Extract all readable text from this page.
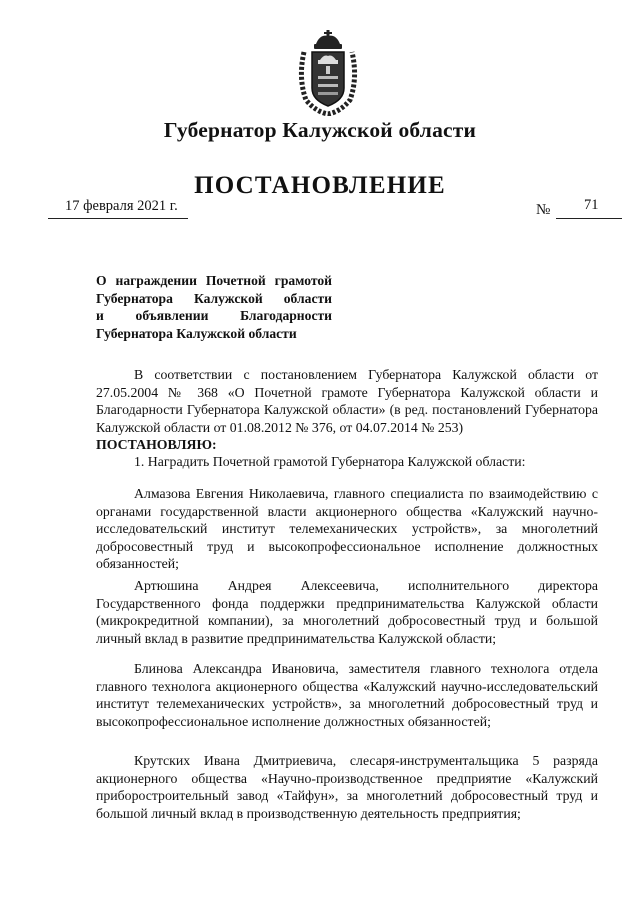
Губернатор Калужской области
ПОСТАНОВЛЕНИЕ
17 февраля 2021 г.	№ 71
О награждении Почетной грамотой
Губернатора Калужской области
и объявлении Благодарности
Губернатора Калужской области
В соответствии с постановлением Губернатора Калужской области от 27.05.2004 № 368 «О Почетной грамоте Губернатора Калужской области и Благодарности Губернатора Калужской области» (в ред. постановлений Губернатора Калужской области от 01.08.2012 № 376, от 04.07.2014 № 253)
ПОСТАНОВЛЯЮ:
1. Наградить Почетной грамотой Губернатора Калужской области:
Алмазова Евгения Николаевича, главного специалиста по взаимодействию с органами государственной власти акционерного общества «Калужский научно-исследовательский институт телемеханических устройств», за многолетний добросовестный труд и высокопрофессиональное исполнение должностных обязанностей;
Артюшина Андрея Алексеевича, исполнительного директора Государственного фонда поддержки предпринимательства Калужской области (микрокредитной компании), за многолетний добросовестный труд и большой личный вклад в развитие предпринимательства Калужской области;
Блинова Александра Ивановича, заместителя главного технолога отдела главного технолога акционерного общества «Калужский научно-исследовательский институт телемеханических устройств», за многолетний добросовестный труд и высокопрофессиональное исполнение должностных обязанностей;
Крутских Ивана Дмитриевича, слесаря-инструментальщика 5 разряда акционерного общества «Научно-производственное предприятие «Калужский приборостроительный завод «Тайфун», за многолетний добросовестный труд и большой личный вклад в производственную деятельность предприятия;
